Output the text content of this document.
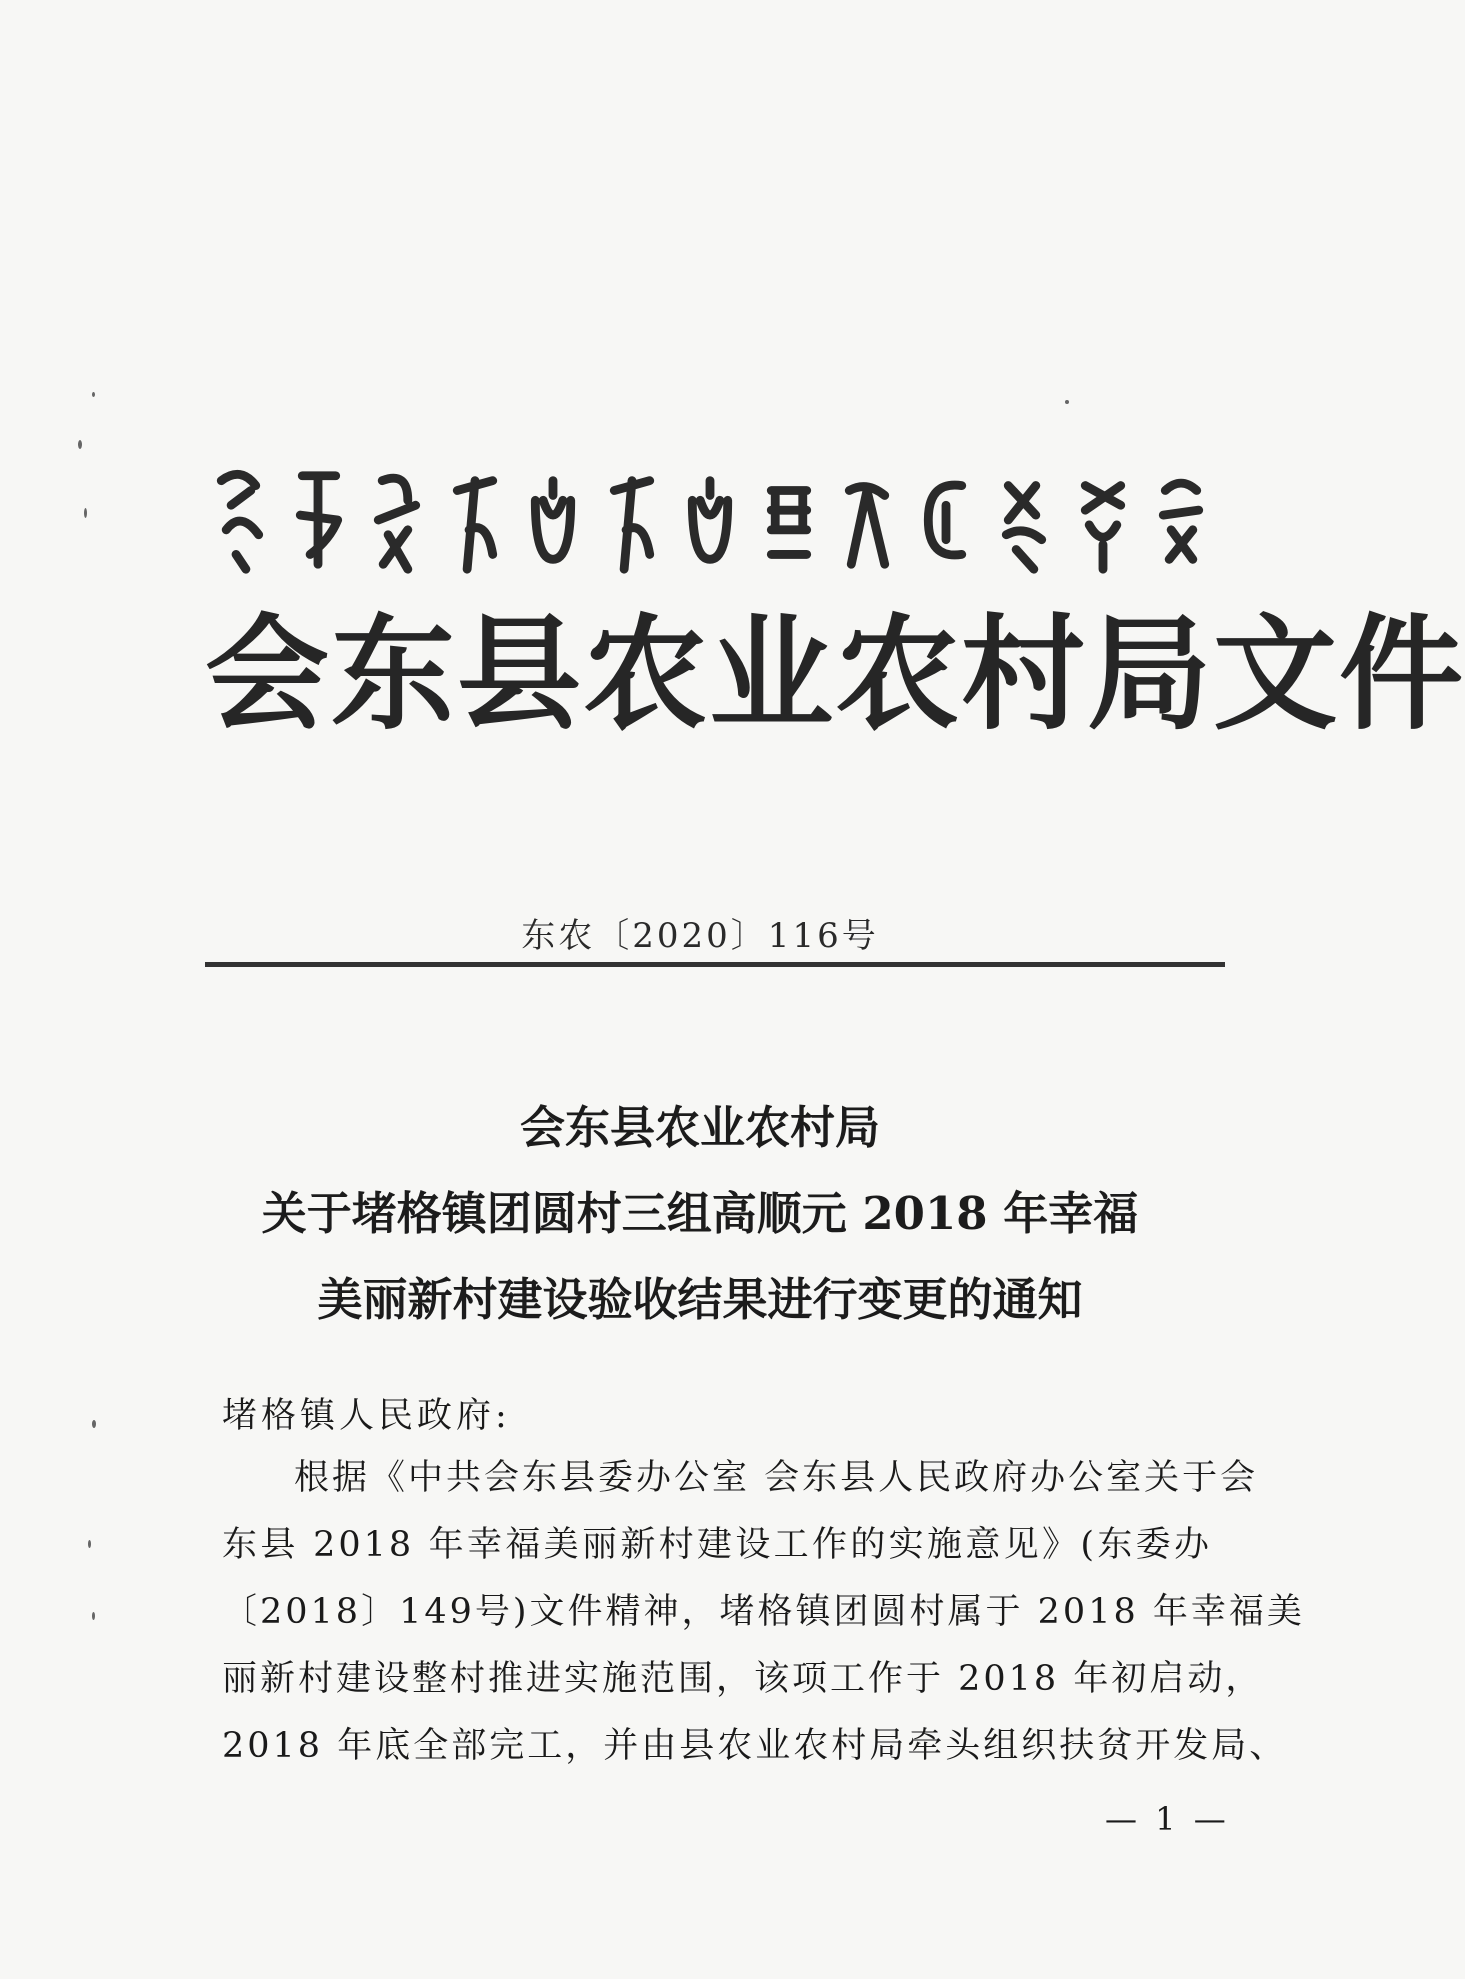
会 东 县 农 业 农 村 局 文 件
东农〔2020〕116号
会东县农业农村局
关于堵格镇团圆村三组高顺元 2018 年幸福
美丽新村建设验收结果进行变更的通知
堵格镇人民政府:
根据《中共会东县委办公室 会东县人民政府办公室关于会
东县 2018 年幸福美丽新村建设工作的实施意见》(东委办
〔2018〕149号)文件精神，堵格镇团圆村属于 2018 年幸福美
丽新村建设整村推进实施范围，该项工作于 2018 年初启动，
2018 年底全部完工，并由县农业农村局牵头组织扶贫开发局、
— 1 —
